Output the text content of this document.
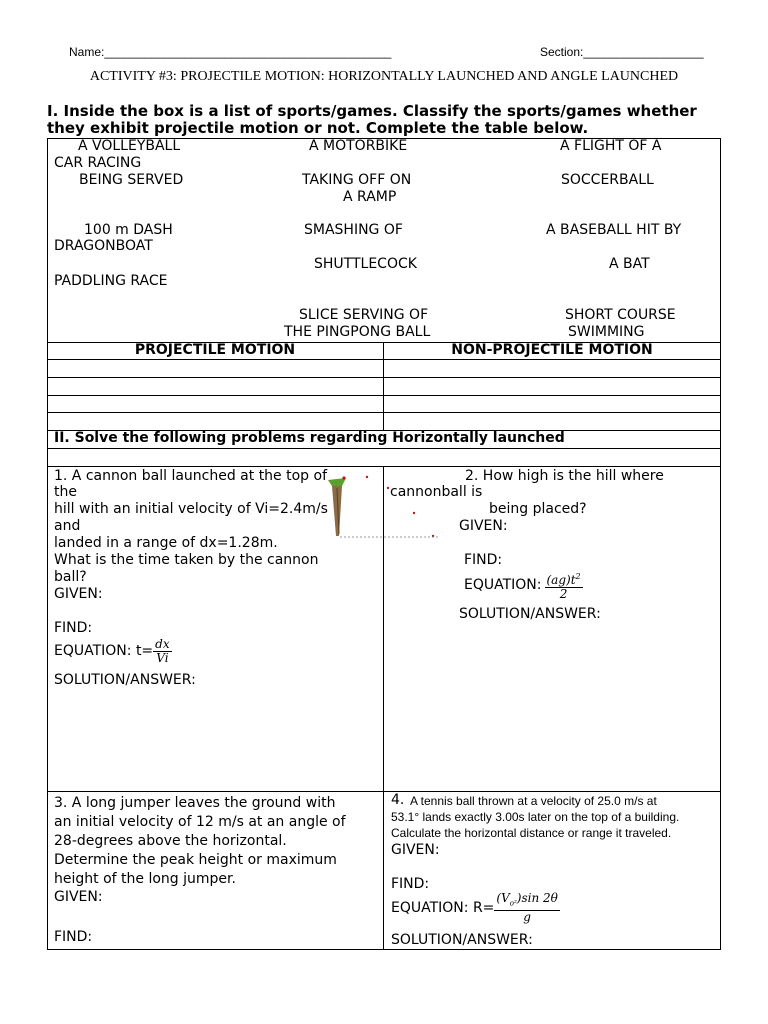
Name:___________________________________________	Section:__________________
ACTIVITY #3: PROJECTILE MOTION: HORIZONTALLY LAUNCHED AND ANGLE LAUNCHED
I. Inside the box is a list of sports/games. Classify the sports/games whether
they exhibit projectile motion or not. Complete the table below.
A VOLLEYBALL	A MOTORBIKE	A FLIGHT OF A
CAR RACING
BEING SERVED	TAKING OFF ON	SOCCERBALL
A RAMP
100 m DASH	SMASHING OF	A BASEBALL HIT BY
DRAGONBOAT
SHUTTLECOCK	A BAT
PADDLING RACE
SLICE SERVING OF	SHORT COURSE
THE PINGPONG BALL	SWIMMING
PROJECTILE MOTION	NON-PROJECTILE MOTION
II. Solve the following problems regarding Horizontally launched
1. A cannon ball launched at the top of
the
hill with an initial velocity of Vi=2.4m/s
and
landed in a range of dx=1.28m.
What is the time taken by the cannon
ball?
GIVEN:
FIND:
EQUATION: $t= \frac{dx}{Vi}$
SOLUTION/ANSWER:
2. How high is the hill where
cannonball is
being placed?
GIVEN:
FIND:
EQUATION: $\frac{(ag)t^2}{2}$
SOLUTION/ANSWER:
3. A long jumper leaves the ground with
an initial velocity of 12 m/s at an angle of
28-degrees above the horizontal.
Determine the peak height or maximum
height of the long jumper.
GIVEN:
FIND:
4. A tennis ball thrown at a velocity of 25.0 m/s at
53.1° lands exactly 3.00s later on the top of a building.
Calculate the horizontal distance or range it traveled.
GIVEN:
FIND:
EQUATION: $R= \frac{(V_{o^2})\sin 2\theta}{g}$
SOLUTION/ANSWER:
